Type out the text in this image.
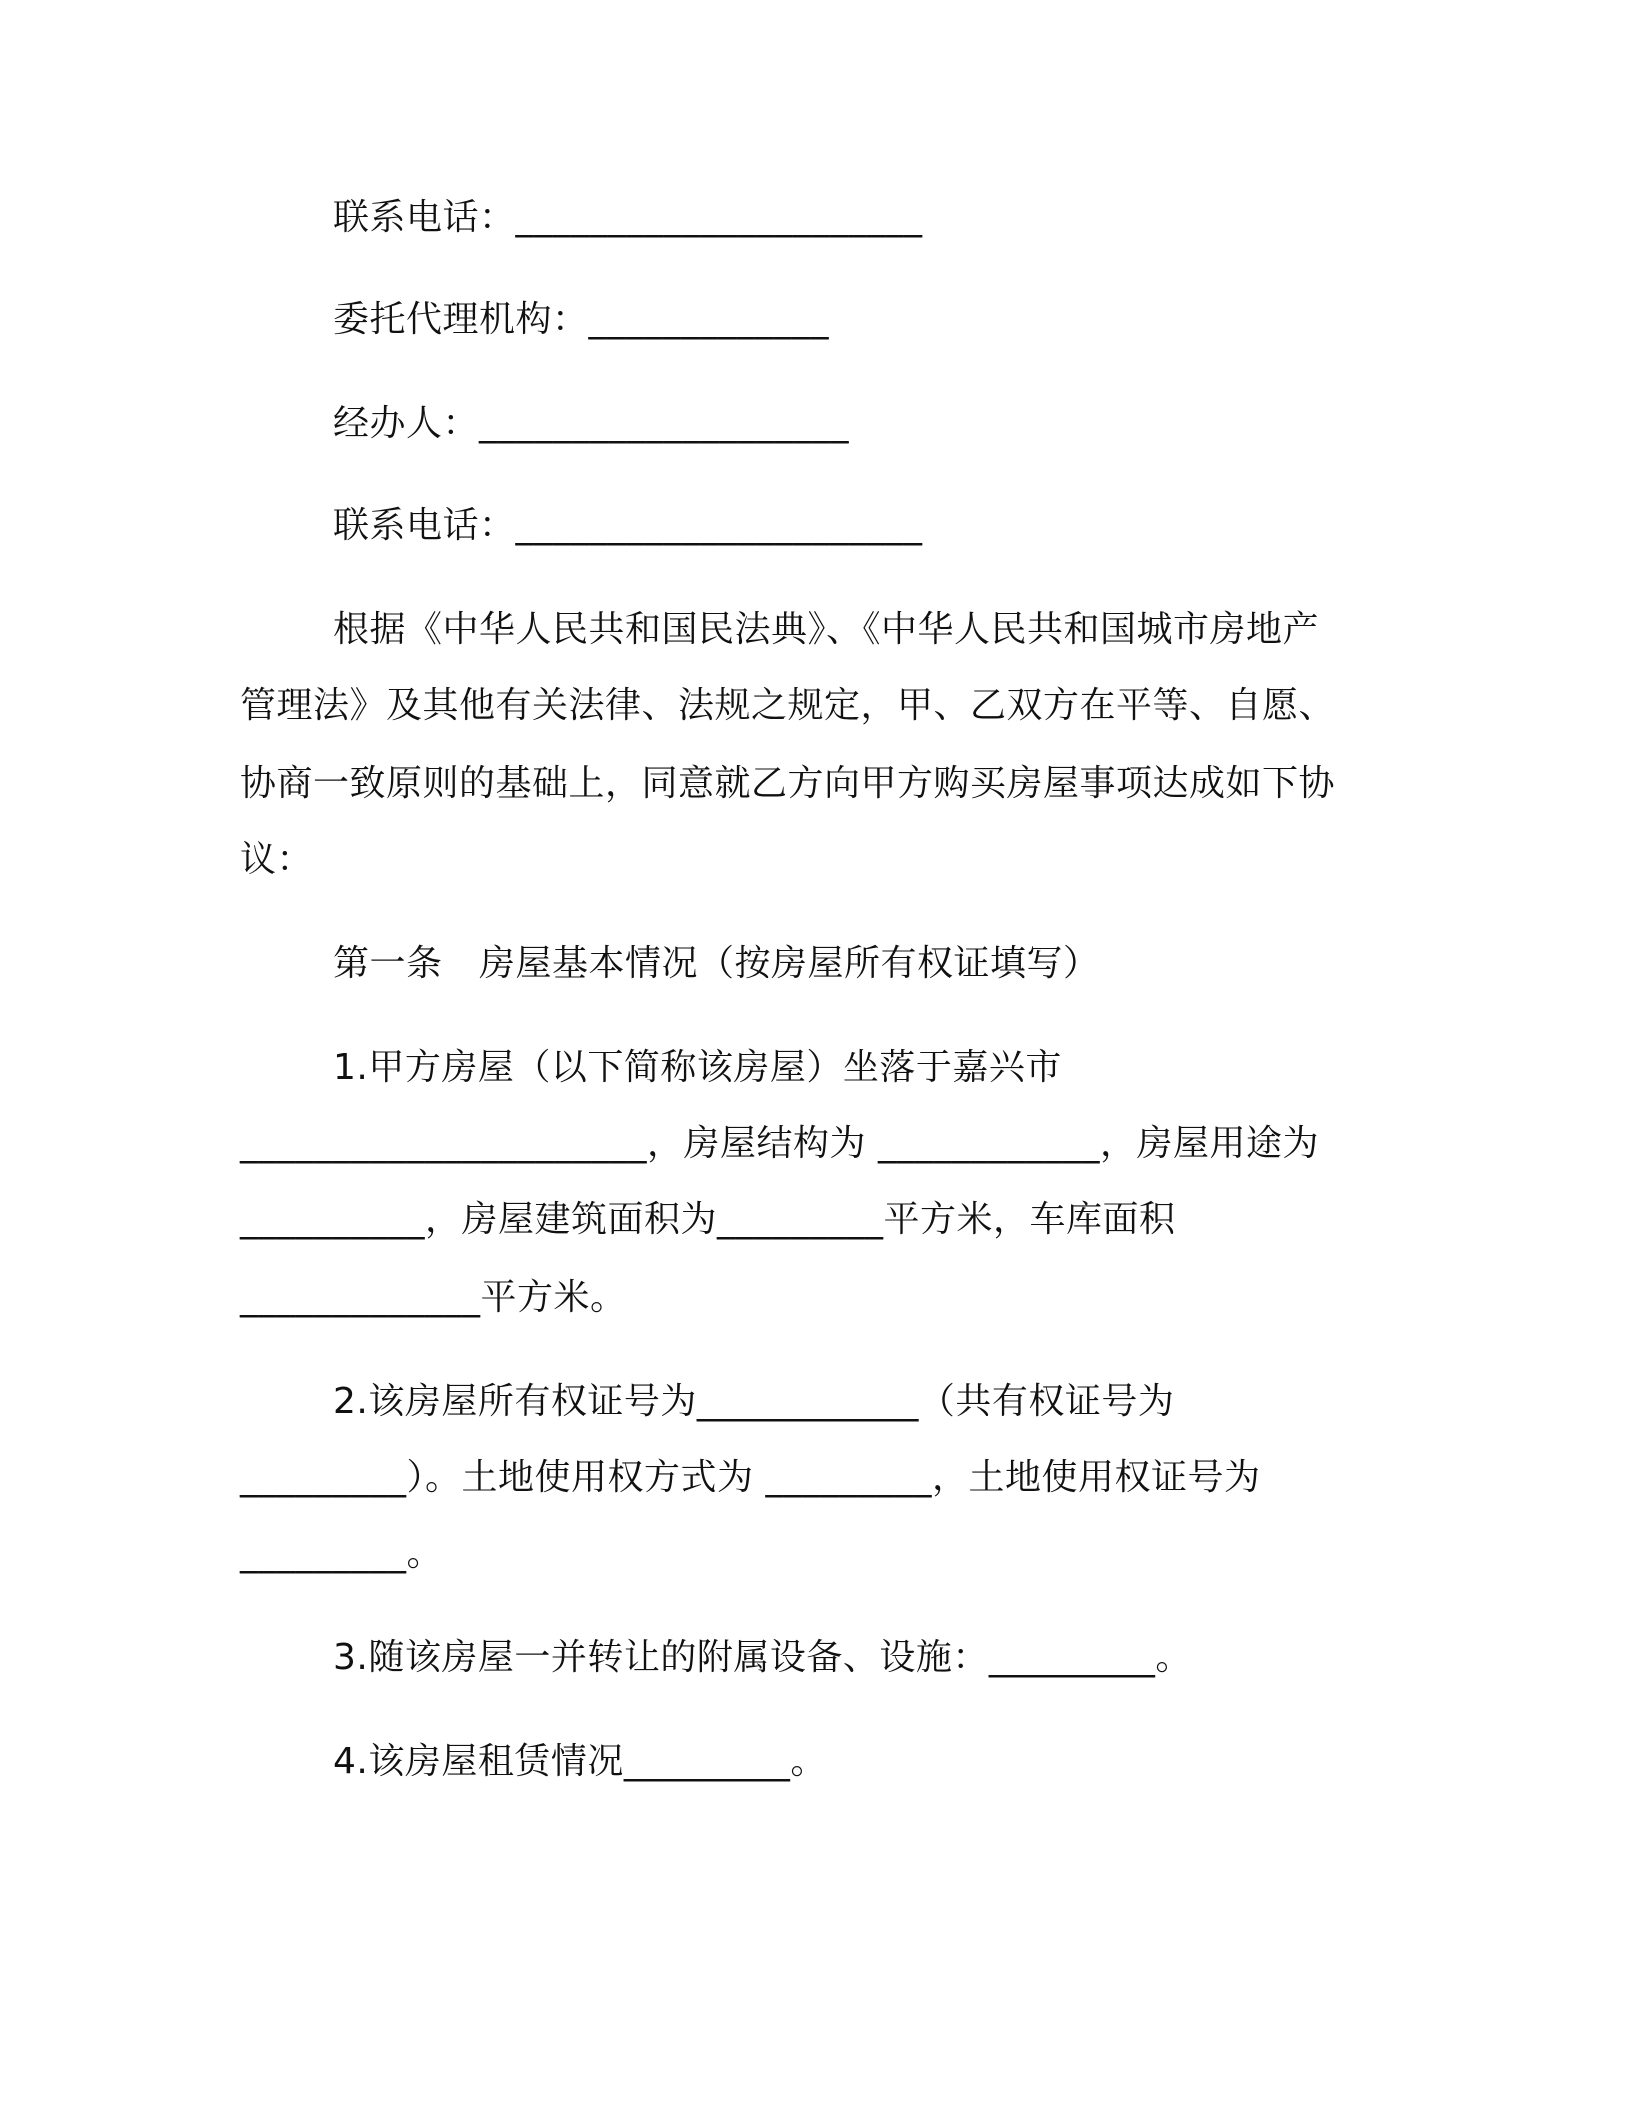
联系电话：______________________
委托代理机构：_____________
经办人：____________________
联系电话：______________________
根据《中华人民共和国民法典》、《中华人民共和国城市房地产
管理法》及其他有关法律、法规之规定，甲、乙双方在平等、自愿、
协商一致原则的基础上，同意就乙方向甲方购买房屋事项达成如下协
议：
第一条　房屋基本情况（按房屋所有权证填写）
1.甲方房屋（以下简称该房屋）坐落于嘉兴市
______________________，房屋结构为 ____________，房屋用途为
__________，房屋建筑面积为_________平方米，车库面积
_____________平方米。
2.该房屋所有权证号为____________（共有权证号为
_________）。土地使用权方式为 _________，土地使用权证号为
_________。
3.随该房屋一并转让的附属设备、设施：_________。
4.该房屋租赁情况_________。
